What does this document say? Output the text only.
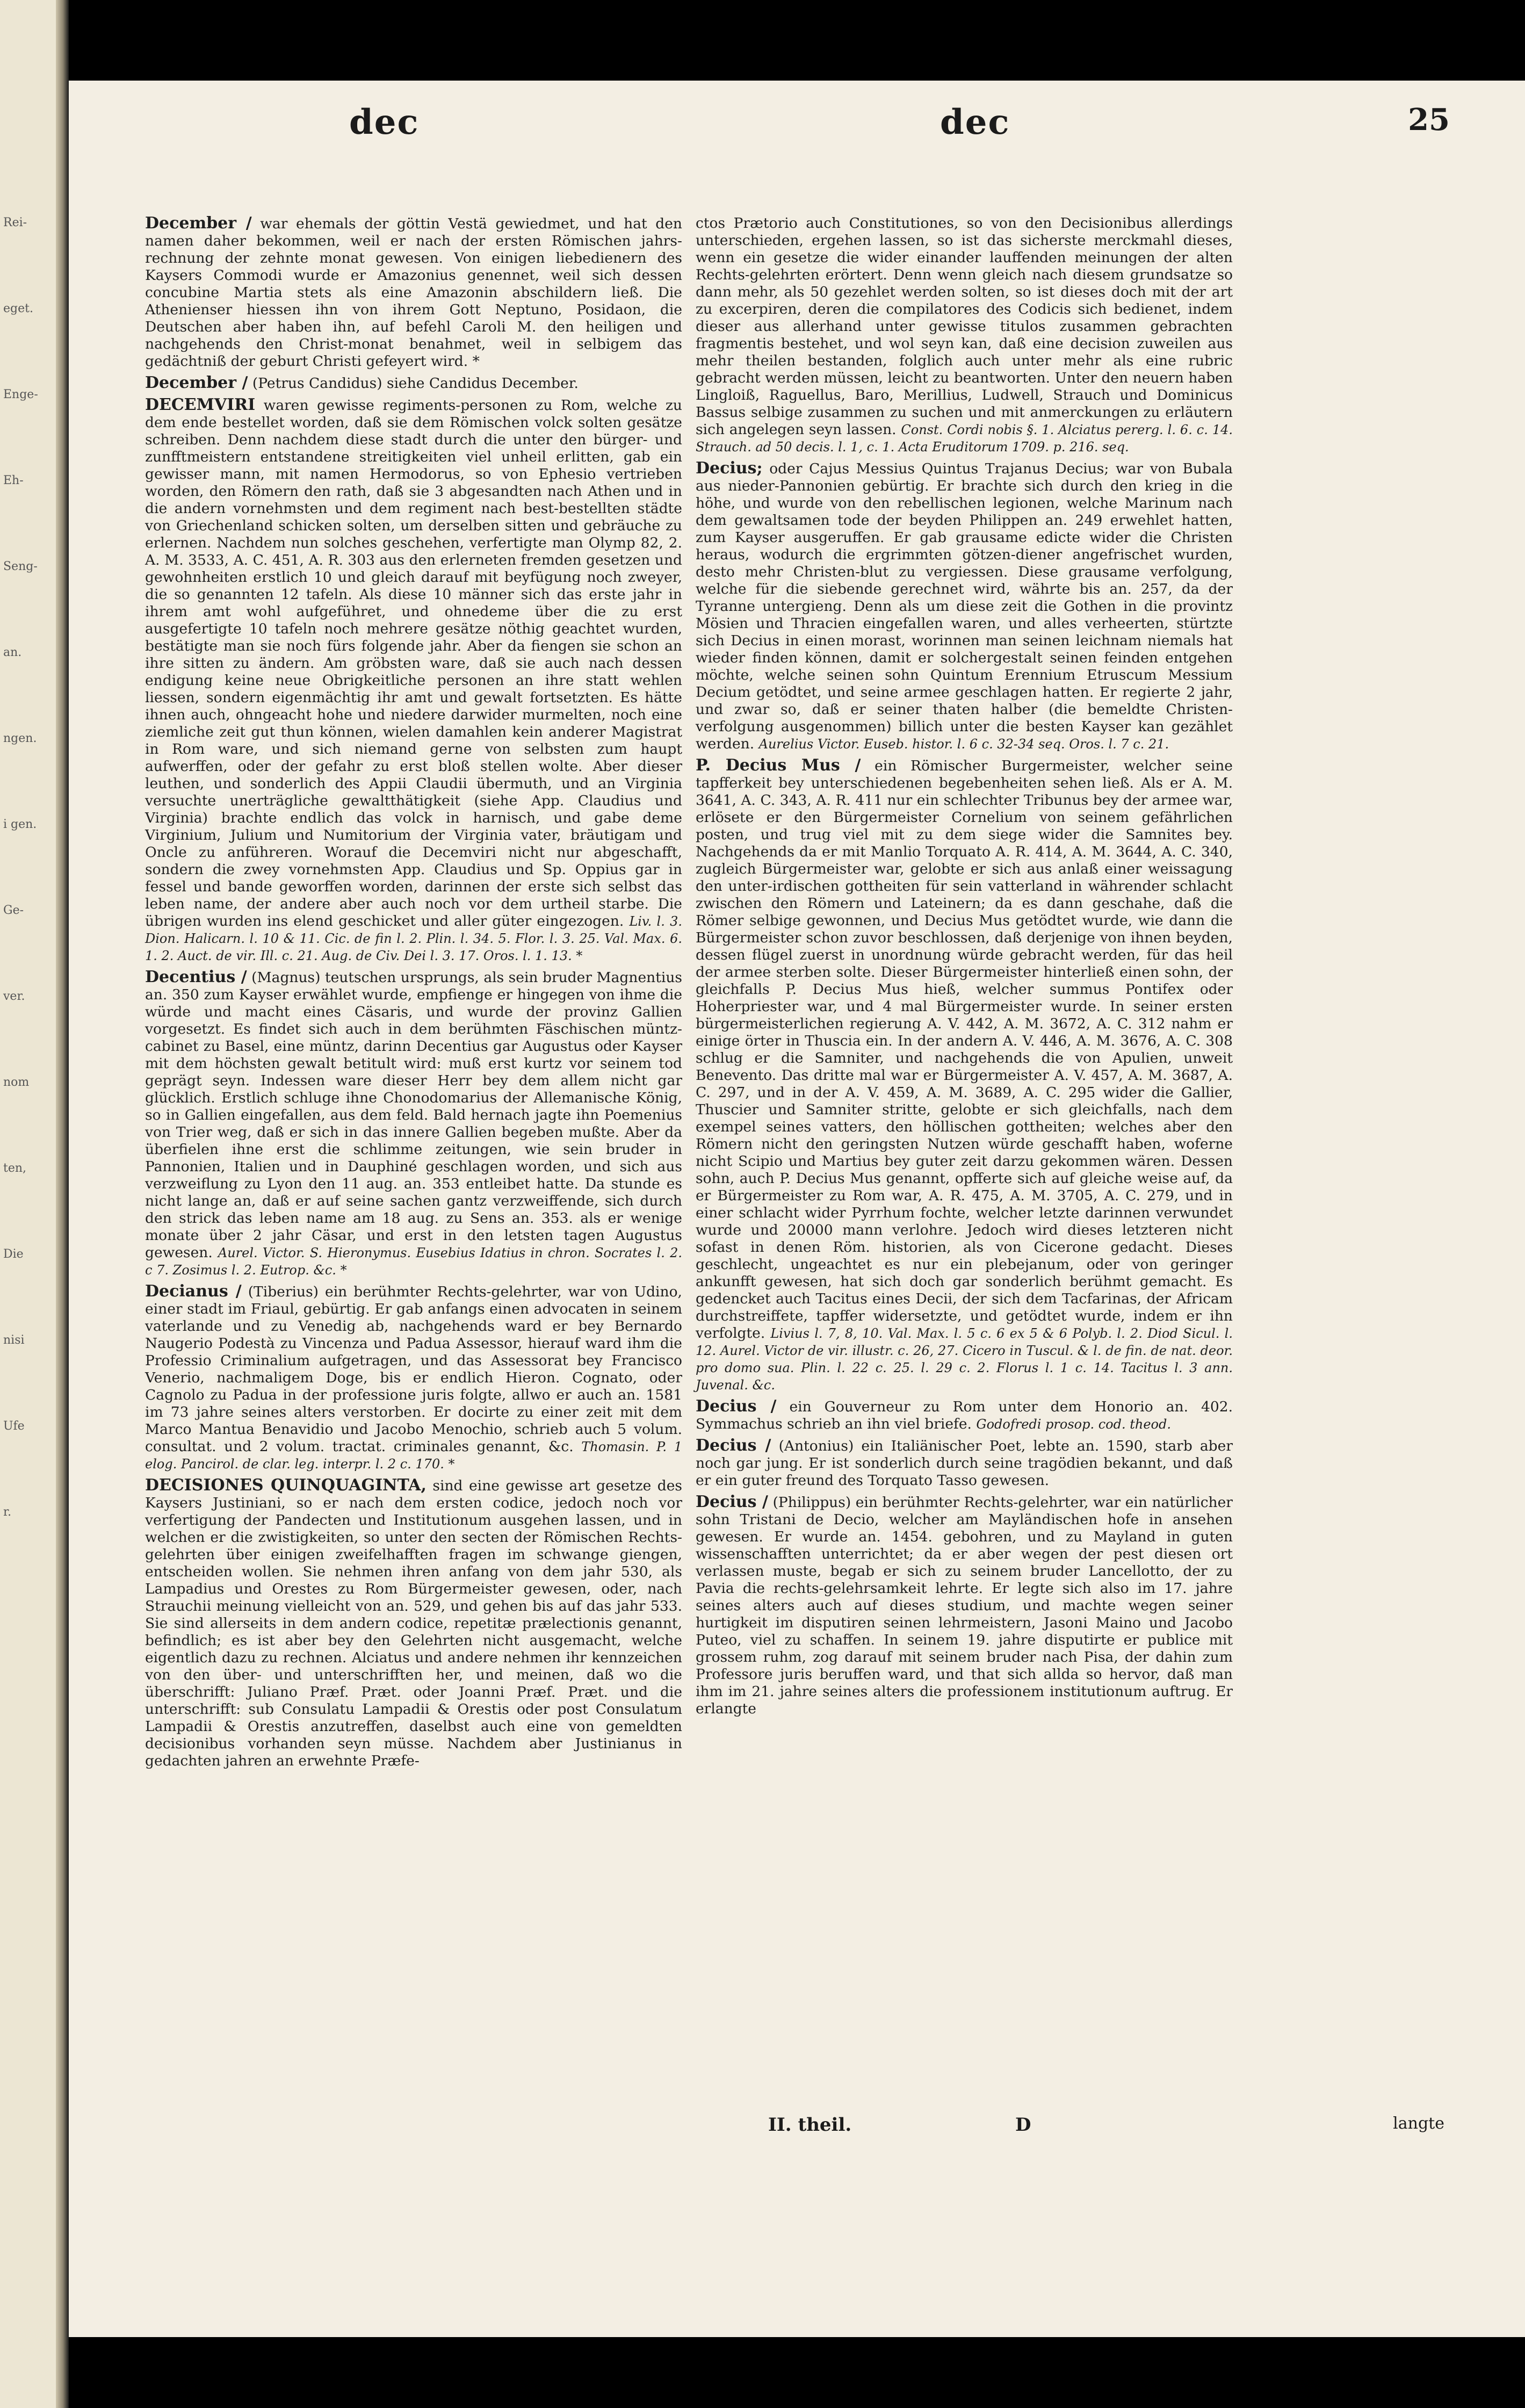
Rei-
eget.
Enge-
Eh-
Seng-
an.
ngen.
i gen.
Ge-
ver.
nom
ten,
Die
nisi
Ufe
r.
dec	dec	25

December / war ehemals der göttin Vestä gewiedmet, und hat den namen daher bekommen, weil er nach der ersten Römischen jahrs-rechnung der zehnte monat gewesen. Von einigen liebedienern des Kaysers Commodi wurde er Amazonius genennet, weil sich dessen concubine Martia stets als eine Amazonin abschildern ließ. Die Athenienser hiessen ihn von ihrem Gott Neptuno, Posidaon, die Deutschen aber haben ihn, auf befehl Caroli M. den heiligen und nachgehends den Christ-monat benahmet, weil in selbigem das gedächtniß der geburt Christi gefeyert wird. *

December / (Petrus Candidus) siehe Candidus December.

DECEMVIRI waren gewisse regiments-personen zu Rom, welche zu dem ende bestellet worden, daß sie dem Römischen volck solten gesätze schreiben. Denn nachdem diese stadt durch die unter den bürger- und zunfftmeistern entstandene streitigkeiten viel unheil erlitten, gab ein gewisser mann, mit namen Hermodorus, so von Ephesio vertrieben worden, den Römern den rath, daß sie 3 abgesandten nach Athen und in die andern vornehmsten und dem regiment nach best-bestellten städte von Griechenland schicken solten, um derselben sitten und gebräuche zu erlernen. Nachdem nun solches geschehen, verfertigte man Olymp 82, 2. A. M. 3533, A. C. 451, A. R. 303 aus den erlerneten fremden gesetzen und gewohnheiten erstlich 10 und gleich darauf mit beyfügung noch zweyer, die so genannten 12 tafeln. Als diese 10 männer sich das erste jahr in ihrem amt wohl aufgeführet, und ohnedeme über die zu erst ausgefertigte 10 tafeln noch mehrere gesätze nöthig geachtet wurden, bestätigte man sie noch fürs folgende jahr. Aber da fiengen sie schon an ihre sitten zu ändern. Am gröbsten ware, daß sie auch nach dessen endigung keine neue Obrigkeitliche personen an ihre statt wehlen liessen, sondern eigenmächtig ihr amt und gewalt fortsetzten. Es hätte ihnen auch, ohngeacht hohe und niedere darwider murmelten, noch eine ziemliche zeit gut thun können, wielen damahlen kein anderer Magistrat in Rom ware, und sich niemand gerne von selbsten zum haupt aufwerffen, oder der gefahr zu erst bloß stellen wolte. Aber dieser leuthen, und sonderlich des Appii Claudii übermuth, und an Virginia versuchte unerträgliche gewaltthätigkeit (siehe App. Claudius und Virginia) brachte endlich das volck in harnisch, und gabe deme Virginium, Julium und Numitorium der Virginia vater, bräutigam und Oncle zu anführeren. Worauf die Decemviri nicht nur abgeschafft, sondern die zwey vornehmsten App. Claudius und Sp. Oppius gar in fessel und bande geworffen worden, darinnen der erste sich selbst das leben name, der andere aber auch noch vor dem urtheil starbe. Die übrigen wurden ins elend geschicket und aller güter eingezogen. Liv. l. 3. Dion. Halicarn. l. 10 & 11. Cic. de fin l. 2. Plin. l. 34. 5. Flor. l. 3. 25. Val. Max. 6. 1. 2. Auct. de vir. Ill. c. 21. Aug. de Civ. Dei l. 3. 17. Oros. l. 1. 13. *

Decentius / (Magnus) teutschen ursprungs, als sein bruder Magnentius an. 350 zum Kayser erwählet wurde, empfienge er hingegen von ihme die würde und macht eines Cäsaris, und wurde der provinz Gallien vorgesetzt. Es findet sich auch in dem berühmten Fäschischen müntz-cabinet zu Basel, eine müntz, darinn Decentius gar Augustus oder Kayser mit dem höchsten gewalt betitult wird: muß erst kurtz vor seinem tod geprägt seyn. Indessen ware dieser Herr bey dem allem nicht gar glücklich. Erstlich schluge ihne Chonodomarius der Allemanische König, so in Gallien eingefallen, aus dem feld. Bald hernach jagte ihn Poemenius von Trier weg, daß er sich in das innere Gallien begeben mußte. Aber da überfielen ihne erst die schlimme zeitungen, wie sein bruder in Pannonien, Italien und in Dauphiné geschlagen worden, und sich aus verzweiflung zu Lyon den 11 aug. an. 353 entleibet hatte. Da stunde es nicht lange an, daß er auf seine sachen gantz verzweiffende, sich durch den strick das leben name am 18 aug. zu Sens an. 353. als er wenige monate über 2 jahr Cäsar, und erst in den letsten tagen Augustus gewesen. Aurel. Victor. S. Hieronymus. Eusebius Idatius in chron. Socrates l. 2. c 7. Zosimus l. 2. Eutrop. &c. *

Decianus / (Tiberius) ein berühmter Rechts-gelehrter, war von Udino, einer stadt im Friaul, gebürtig. Er gab anfangs einen advocaten in seinem vaterlande und zu Venedig ab, nachgehends ward er bey Bernardo Naugerio Podestà zu Vincenza und Padua Assessor, hierauf ward ihm die Professio Criminalium aufgetragen, und das Assessorat bey Francisco Venerio, nachmaligem Doge, bis er endlich Hieron. Cognato, oder Cagnolo zu Padua in der professione juris folgte, allwo er auch an. 1581 im 73 jahre seines alters verstorben. Er docirte zu einer zeit mit dem Marco Mantua Benavidio und Jacobo Menochio, schrieb auch 5 volum. consultat. und 2 volum. tractat. criminales genannt, &c. Thomasin. P. 1 elog. Pancirol. de clar. leg. interpr. l. 2 c. 170. *

DECISIONES QUINQUAGINTA, sind eine gewisse art gesetze des Kaysers Justiniani, so er nach dem ersten codice, jedoch noch vor verfertigung der Pandecten und Institutionum ausgehen lassen, und in welchen er die zwistigkeiten, so unter den secten der Römischen Rechts-gelehrten über einigen zweifelhafften fragen im schwange giengen, entscheiden wollen. Sie nehmen ihren anfang von dem jahr 530, als Lampadius und Orestes zu Rom Bürgermeister gewesen, oder, nach Strauchii meinung vielleicht von an. 529, und gehen bis auf das jahr 533. Sie sind allerseits in dem andern codice, repetitæ prælectionis genannt, befindlich; es ist aber bey den Gelehrten nicht ausgemacht, welche eigentlich dazu zu rechnen. Alciatus und andere nehmen ihr kennzeichen von den über- und unterschrifften her, und meinen, daß wo die überschrifft: Juliano Præf. Præt. oder Joanni Præf. Præt. und die unterschrifft: sub Consulatu Lampadii & Orestis oder post Consulatum Lampadii & Orestis anzutreffen, daselbst auch eine von gemeldten decisionibus vorhanden seyn müsse. Nachdem aber Justinianus in gedachten jahren an erwehnte Præfe-

ctos Prætorio auch Constitutiones, so von den Decisionibus allerdings unterschieden, ergehen lassen, so ist das sicherste merckmahl dieses, wenn ein gesetze die wider einander lauffenden meinungen der alten Rechts-gelehrten erörtert. Denn wenn gleich nach diesem grundsatze so dann mehr, als 50 gezehlet werden solten, so ist dieses doch mit der art zu excerpiren, deren die compilatores des Codicis sich bedienet, indem dieser aus allerhand unter gewisse titulos zusammen gebrachten fragmentis bestehet, und wol seyn kan, daß eine decision zuweilen aus mehr theilen bestanden, folglich auch unter mehr als eine rubric gebracht werden müssen, leicht zu beantworten. Unter den neuern haben Lingloiß, Raguellus, Baro, Merillius, Ludwell, Strauch und Dominicus Bassus selbige zusammen zu suchen und mit anmerckungen zu erläutern sich angelegen seyn lassen. Const. Cordi nobis §. 1. Alciatus pererg. l. 6. c. 14. Strauch. ad 50 decis. l. 1, c. 1. Acta Eruditorum 1709. p. 216. seq.

Decius; oder Cajus Messius Quintus Trajanus Decius; war von Bubala aus nieder-Pannonien gebürtig. Er brachte sich durch den krieg in die höhe, und wurde von den rebellischen legionen, welche Marinum nach dem gewaltsamen tode der beyden Philippen an. 249 erwehlet hatten, zum Kayser ausgeruffen. Er gab grausame edicte wider die Christen heraus, wodurch die ergrimmten götzen-diener angefrischet wurden, desto mehr Christen-blut zu vergiessen. Diese grausame verfolgung, welche für die siebende gerechnet wird, währte bis an. 257, da der Tyranne untergieng. Denn als um diese zeit die Gothen in die provintz Mösien und Thracien eingefallen waren, und alles verheerten, stürtzte sich Decius in einen morast, worinnen man seinen leichnam niemals hat wieder finden können, damit er solchergestalt seinen feinden entgehen möchte, welche seinen sohn Quintum Erennium Etruscum Messium Decium getödtet, und seine armee geschlagen hatten. Er regierte 2 jahr, und zwar so, daß er seiner thaten halber (die bemeldte Christen-verfolgung ausgenommen) billich unter die besten Kayser kan gezählet werden. Aurelius Victor. Euseb. histor. l. 6 c. 32-34 seq. Oros. l. 7 c. 21.

P. Decius Mus / ein Römischer Burgermeister, welcher seine tapfferkeit bey unterschiedenen begebenheiten sehen ließ. Als er A. M. 3641, A. C. 343, A. R. 411 nur ein schlechter Tribunus bey der armee war, erlösete er den Bürgermeister Cornelium von seinem gefährlichen posten, und trug viel mit zu dem siege wider die Samnites bey. Nachgehends da er mit Manlio Torquato A. R. 414, A. M. 3644, A. C. 340, zugleich Bürgermeister war, gelobte er sich aus anlaß einer weissagung den unter-irdischen gottheiten für sein vatterland in währender schlacht zwischen den Römern und Lateinern; da es dann geschahe, daß die Römer selbige gewonnen, und Decius Mus getödtet wurde, wie dann die Bürgermeister schon zuvor beschlossen, daß derjenige von ihnen beyden, dessen flügel zuerst in unordnung würde gebracht werden, für das heil der armee sterben solte. Dieser Bürgermeister hinterließ einen sohn, der gleichfalls P. Decius Mus hieß, welcher summus Pontifex oder Hoherpriester war, und 4 mal Bürgermeister wurde. In seiner ersten bürgermeisterlichen regierung A. V. 442, A. M. 3672, A. C. 312 nahm er einige örter in Thuscia ein. In der andern A. V. 446, A. M. 3676, A. C. 308 schlug er die Samniter, und nachgehends die von Apulien, unweit Benevento. Das dritte mal war er Bürgermeister A. V. 457, A. M. 3687, A. C. 297, und in der A. V. 459, A. M. 3689, A. C. 295 wider die Gallier, Thuscier und Samniter stritte, gelobte er sich gleichfalls, nach dem exempel seines vatters, den höllischen gottheiten; welches aber den Römern nicht den geringsten Nutzen würde geschafft haben, woferne nicht Scipio und Martius bey guter zeit darzu gekommen wären. Dessen sohn, auch P. Decius Mus genannt, opfferte sich auf gleiche weise auf, da er Bürgermeister zu Rom war, A. R. 475, A. M. 3705, A. C. 279, und in einer schlacht wider Pyrrhum fochte, welcher letzte darinnen verwundet wurde und 20000 mann verlohre. Jedoch wird dieses letzteren nicht sofast in denen Röm. historien, als von Cicerone gedacht. Dieses geschlecht, ungeachtet es nur ein plebejanum, oder von geringer ankunfft gewesen, hat sich doch gar sonderlich berühmt gemacht. Es gedencket auch Tacitus eines Decii, der sich dem Tacfarinas, der Africam durchstreiffete, tapffer widersetzte, und getödtet wurde, indem er ihn verfolgte. Livius l. 7, 8, 10. Val. Max. l. 5 c. 6 ex 5 & 6 Polyb. l. 2. Diod Sicul. l. 12. Aurel. Victor de vir. illustr. c. 26, 27. Cicero in Tuscul. & l. de fin. de nat. deor. pro domo sua. Plin. l. 22 c. 25. l. 29 c. 2. Florus l. 1 c. 14. Tacitus l. 3 ann. Juvenal. &c.

Decius / ein Gouverneur zu Rom unter dem Honorio an. 402. Symmachus schrieb an ihn viel briefe. Godofredi prosop. cod. theod.

Decius / (Antonius) ein Italiänischer Poet, lebte an. 1590, starb aber noch gar jung. Er ist sonderlich durch seine tragödien bekannt, und daß er ein guter freund des Torquato Tasso gewesen.

Decius / (Philippus) ein berühmter Rechts-gelehrter, war ein natürlicher sohn Tristani de Decio, welcher am Mayländischen hofe in ansehen gewesen. Er wurde an. 1454. gebohren, und zu Mayland in guten wissenschafften unterrichtet; da er aber wegen der pest diesen ort verlassen muste, begab er sich zu seinem bruder Lancellotto, der zu Pavia die rechts-gelehrsamkeit lehrte. Er legte sich also im 17. jahre seines alters auch auf dieses studium, und machte wegen seiner hurtigkeit im disputiren seinen lehrmeistern, Jasoni Maino und Jacobo Puteo, viel zu schaffen. In seinem 19. jahre disputirte er publice mit grossem ruhm, zog darauf mit seinem bruder nach Pisa, der dahin zum Professore juris beruffen ward, und that sich allda so hervor, daß man ihm im 21. jahre seines alters die professionem institutionum auftrug. Er erlangte

II. theil.	D	langte
